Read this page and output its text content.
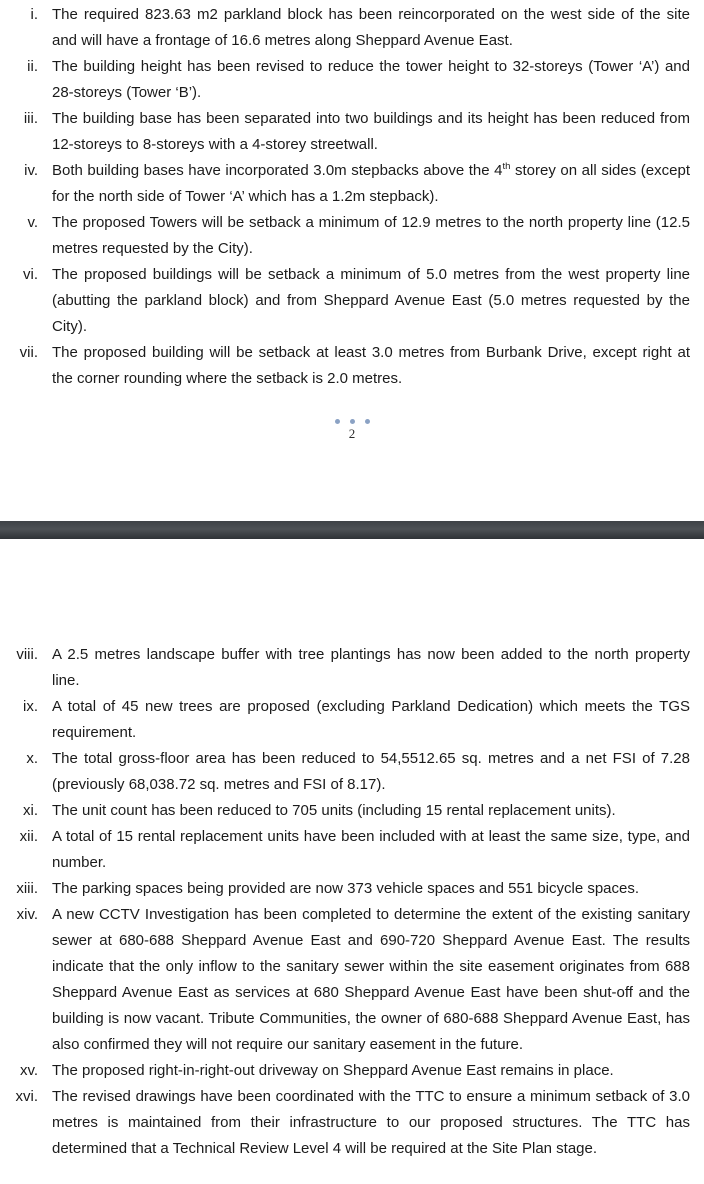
i. The required 823.63 m2 parkland block has been reincorporated on the west side of the site and will have a frontage of 16.6 metres along Sheppard Avenue East.
ii. The building height has been revised to reduce the tower height to 32-storeys (Tower ‘A’) and 28-storeys (Tower ‘B’).
iii. The building base has been separated into two buildings and its height has been reduced from 12-storeys to 8-storeys with a 4-storey streetwall.
iv. Both building bases have incorporated 3.0m stepbacks above the 4th storey on all sides (except for the north side of Tower ‘A’ which has a 1.2m stepback).
v. The proposed Towers will be setback a minimum of 12.9 metres to the north property line (12.5 metres requested by the City).
vi. The proposed buildings will be setback a minimum of 5.0 metres from the west property line (abutting the parkland block) and from Sheppard Avenue East (5.0 metres requested by the City).
vii. The proposed building will be setback at least 3.0 metres from Burbank Drive, except right at the corner rounding where the setback is 2.0 metres.
2
viii. A 2.5 metres landscape buffer with tree plantings has now been added to the north property line.
ix. A total of 45 new trees are proposed (excluding Parkland Dedication) which meets the TGS requirement.
x. The total gross-floor area has been reduced to 54,5512.65 sq. metres and a net FSI of 7.28 (previously 68,038.72 sq. metres and FSI of 8.17).
xi. The unit count has been reduced to 705 units (including 15 rental replacement units).
xii. A total of 15 rental replacement units have been included with at least the same size, type, and number.
xiii. The parking spaces being provided are now 373 vehicle spaces and 551 bicycle spaces.
xiv. A new CCTV Investigation has been completed to determine the extent of the existing sanitary sewer at 680-688 Sheppard Avenue East and 690-720 Sheppard Avenue East. The results indicate that the only inflow to the sanitary sewer within the site easement originates from 688 Sheppard Avenue East as services at 680 Sheppard Avenue East have been shut-off and the building is now vacant. Tribute Communities, the owner of 680-688 Sheppard Avenue East, has also confirmed they will not require our sanitary easement in the future.
xv. The proposed right-in-right-out driveway on Sheppard Avenue East remains in place.
xvi. The revised drawings have been coordinated with the TTC to ensure a minimum setback of 3.0 metres is maintained from their infrastructure to our proposed structures. The TTC has determined that a Technical Review Level 4 will be required at the Site Plan stage.
